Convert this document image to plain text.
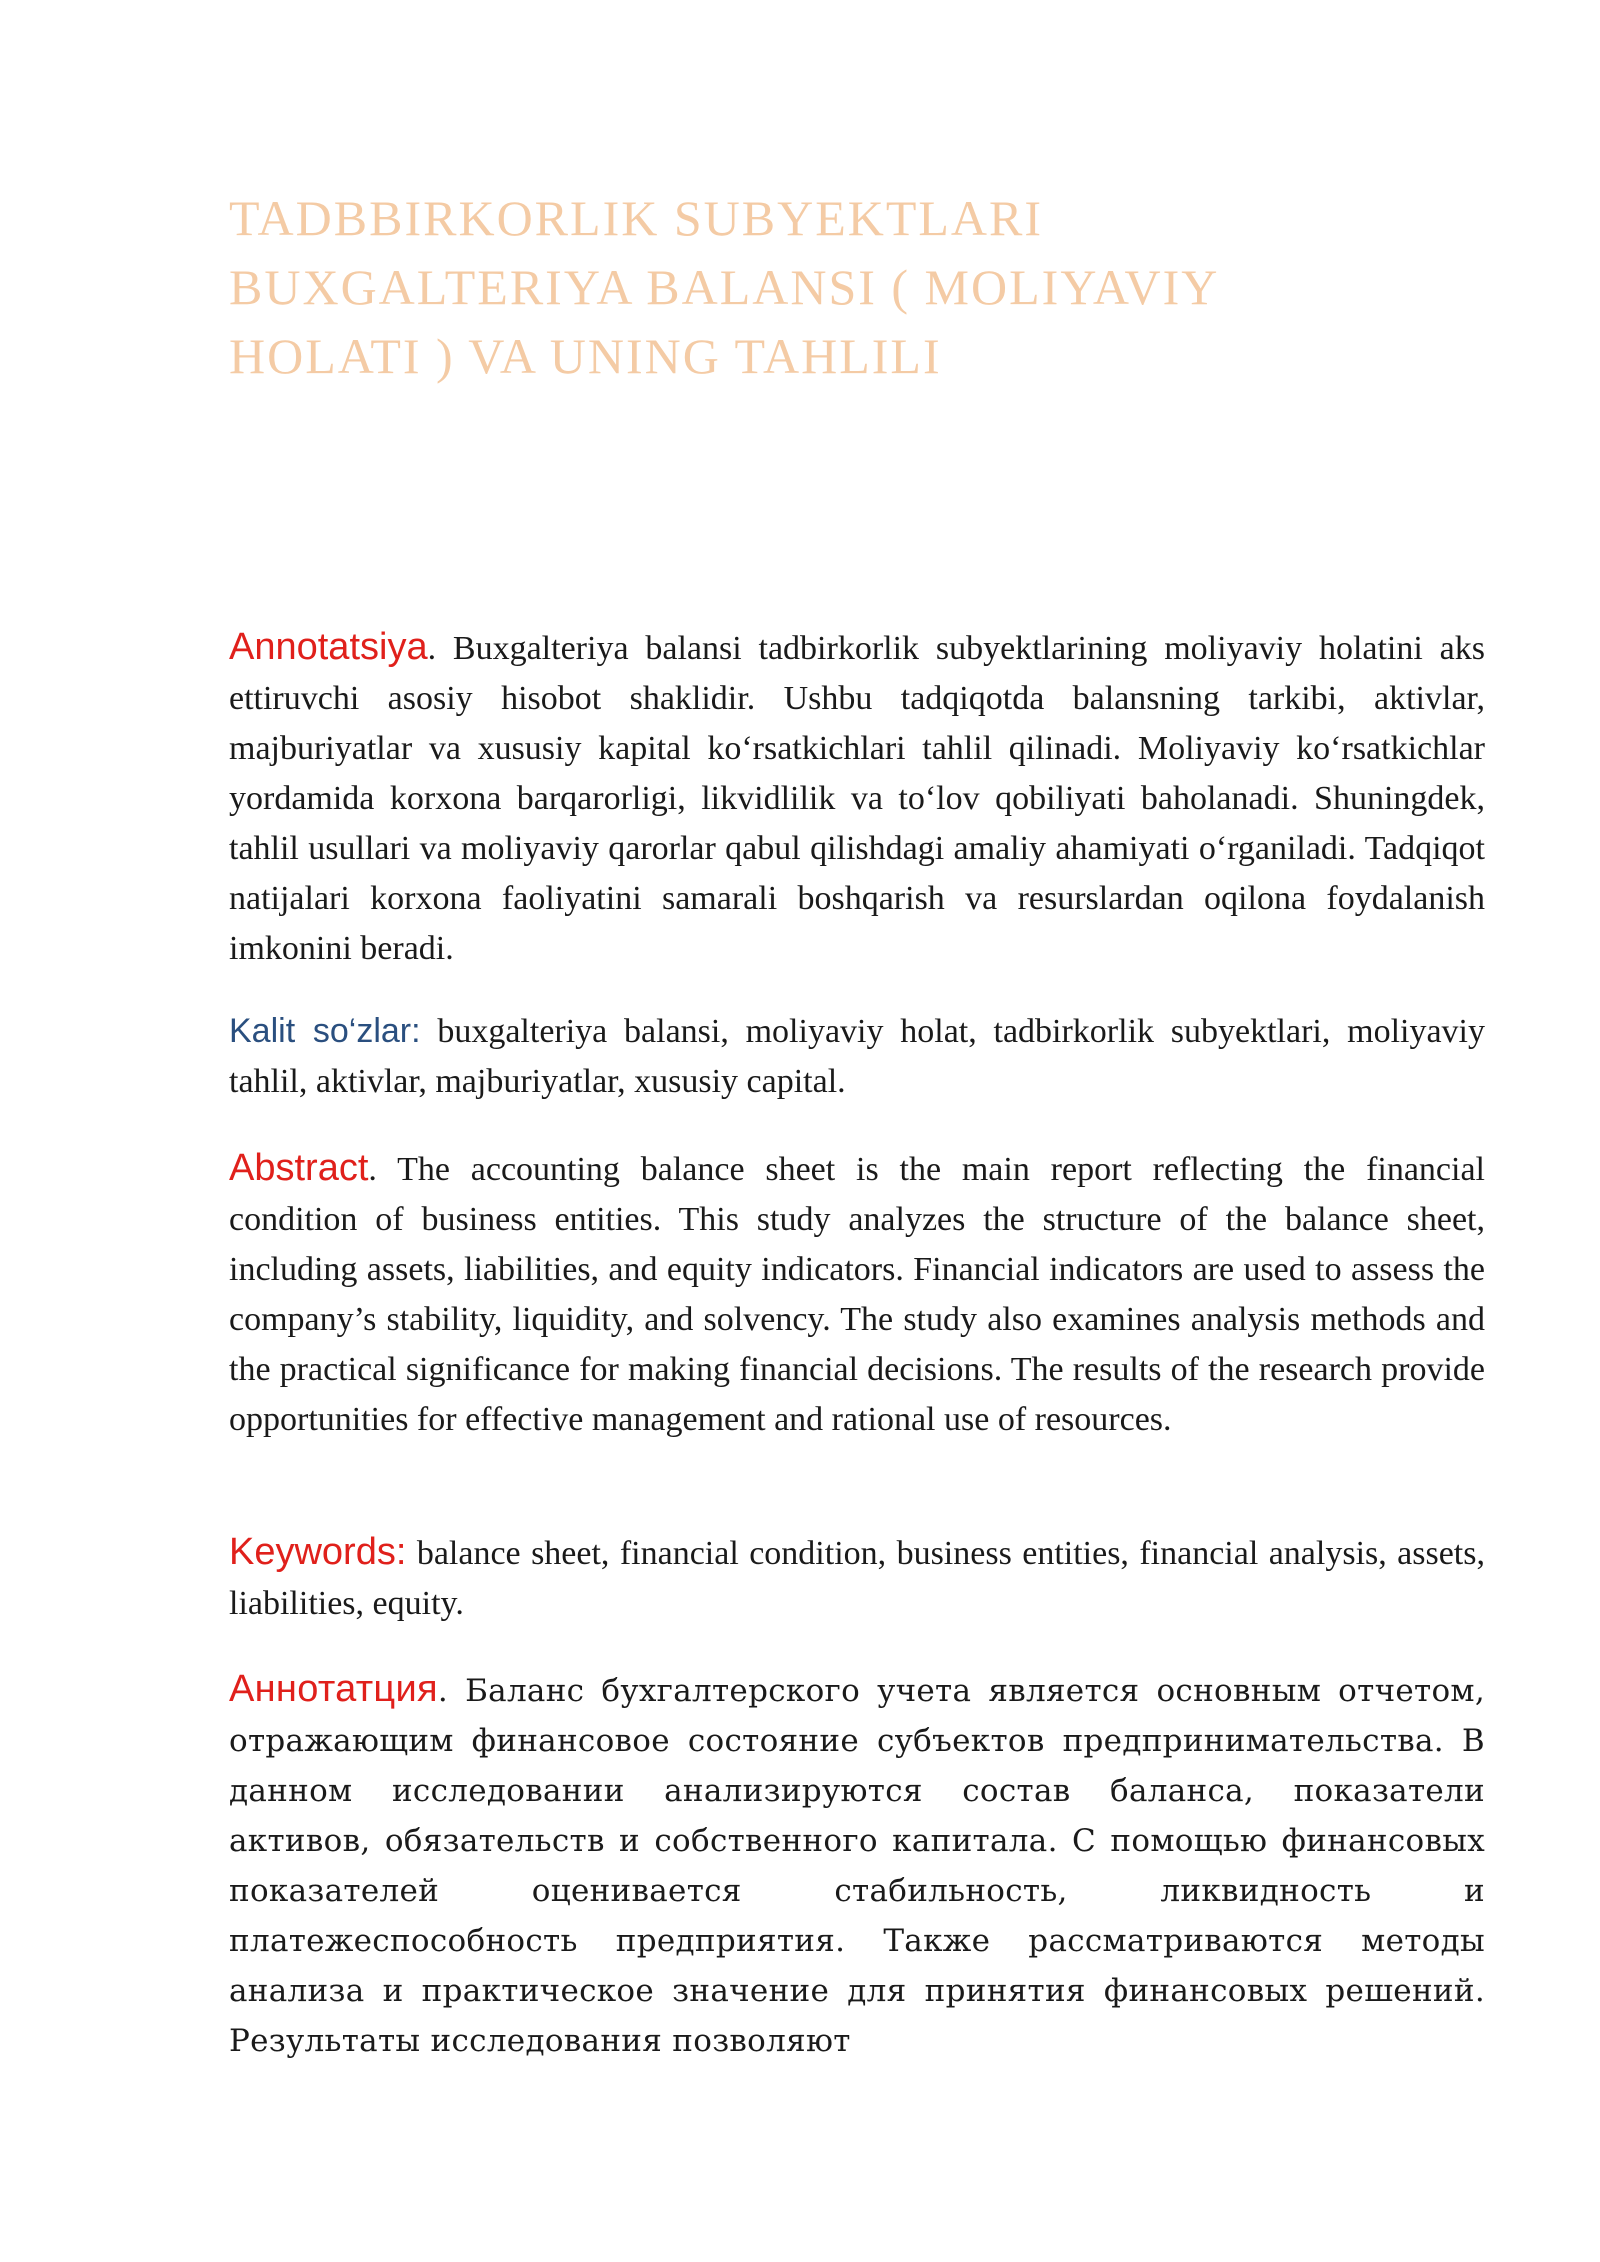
TADBBIRKORLIK SUBYEKTLARI
BUXGALTERIYA BALANSI ( MOLIYAVIY
HOLATI ) VA UNING TAHLILI

Annotatsiya. Buxgalteriya balansi tadbirkorlik subyektlarining moliyaviy holatini aks ettiruvchi asosiy hisobot shaklidir. Ushbu tadqiqotda balansning tarkibi, aktivlar, majburiyatlar va xususiy kapital ko‘rsatkichlari tahlil qilinadi. Moliyaviy ko‘rsatkichlar yordamida korxona barqarorligi, likvidlilik va to‘lov qobiliyati baholanadi. Shuningdek, tahlil usullari va moliyaviy qarorlar qabul qilishdagi amaliy ahamiyati o‘rganiladi. Tadqiqot natijalari korxona faoliyatini samarali boshqarish va resurslardan oqilona foydalanish imkonini beradi.

Kalit so‘zlar: buxgalteriya balansi, moliyaviy holat, tadbirkorlik subyektlari, moliyaviy tahlil, aktivlar, majburiyatlar, xususiy capital.

Abstract. The accounting balance sheet is the main report reflecting the financial condition of business entities. This study analyzes the structure of the balance sheet, including assets, liabilities, and equity indicators. Financial indicators are used to assess the company’s stability, liquidity, and solvency. The study also examines analysis methods and the practical significance for making financial decisions. The results of the research provide opportunities for effective management and rational use of resources.

Keywords: balance sheet, financial condition, business entities, financial analysis, assets, liabilities, equity.

Аннотатция. Баланс бухгалтерского учета является основным отчетом, отражающим финансовое состояние субъектов предпринимательства. В данном исследовании анализируются состав баланса, показатели активов, обязательств и собственного капитала. С помощью финансовых показателей оценивается стабильность, ликвидность и платежеспособность предприятия. Также рассматриваются методы анализа и практическое значение для принятия финансовых решений. Результаты исследования позволяют
